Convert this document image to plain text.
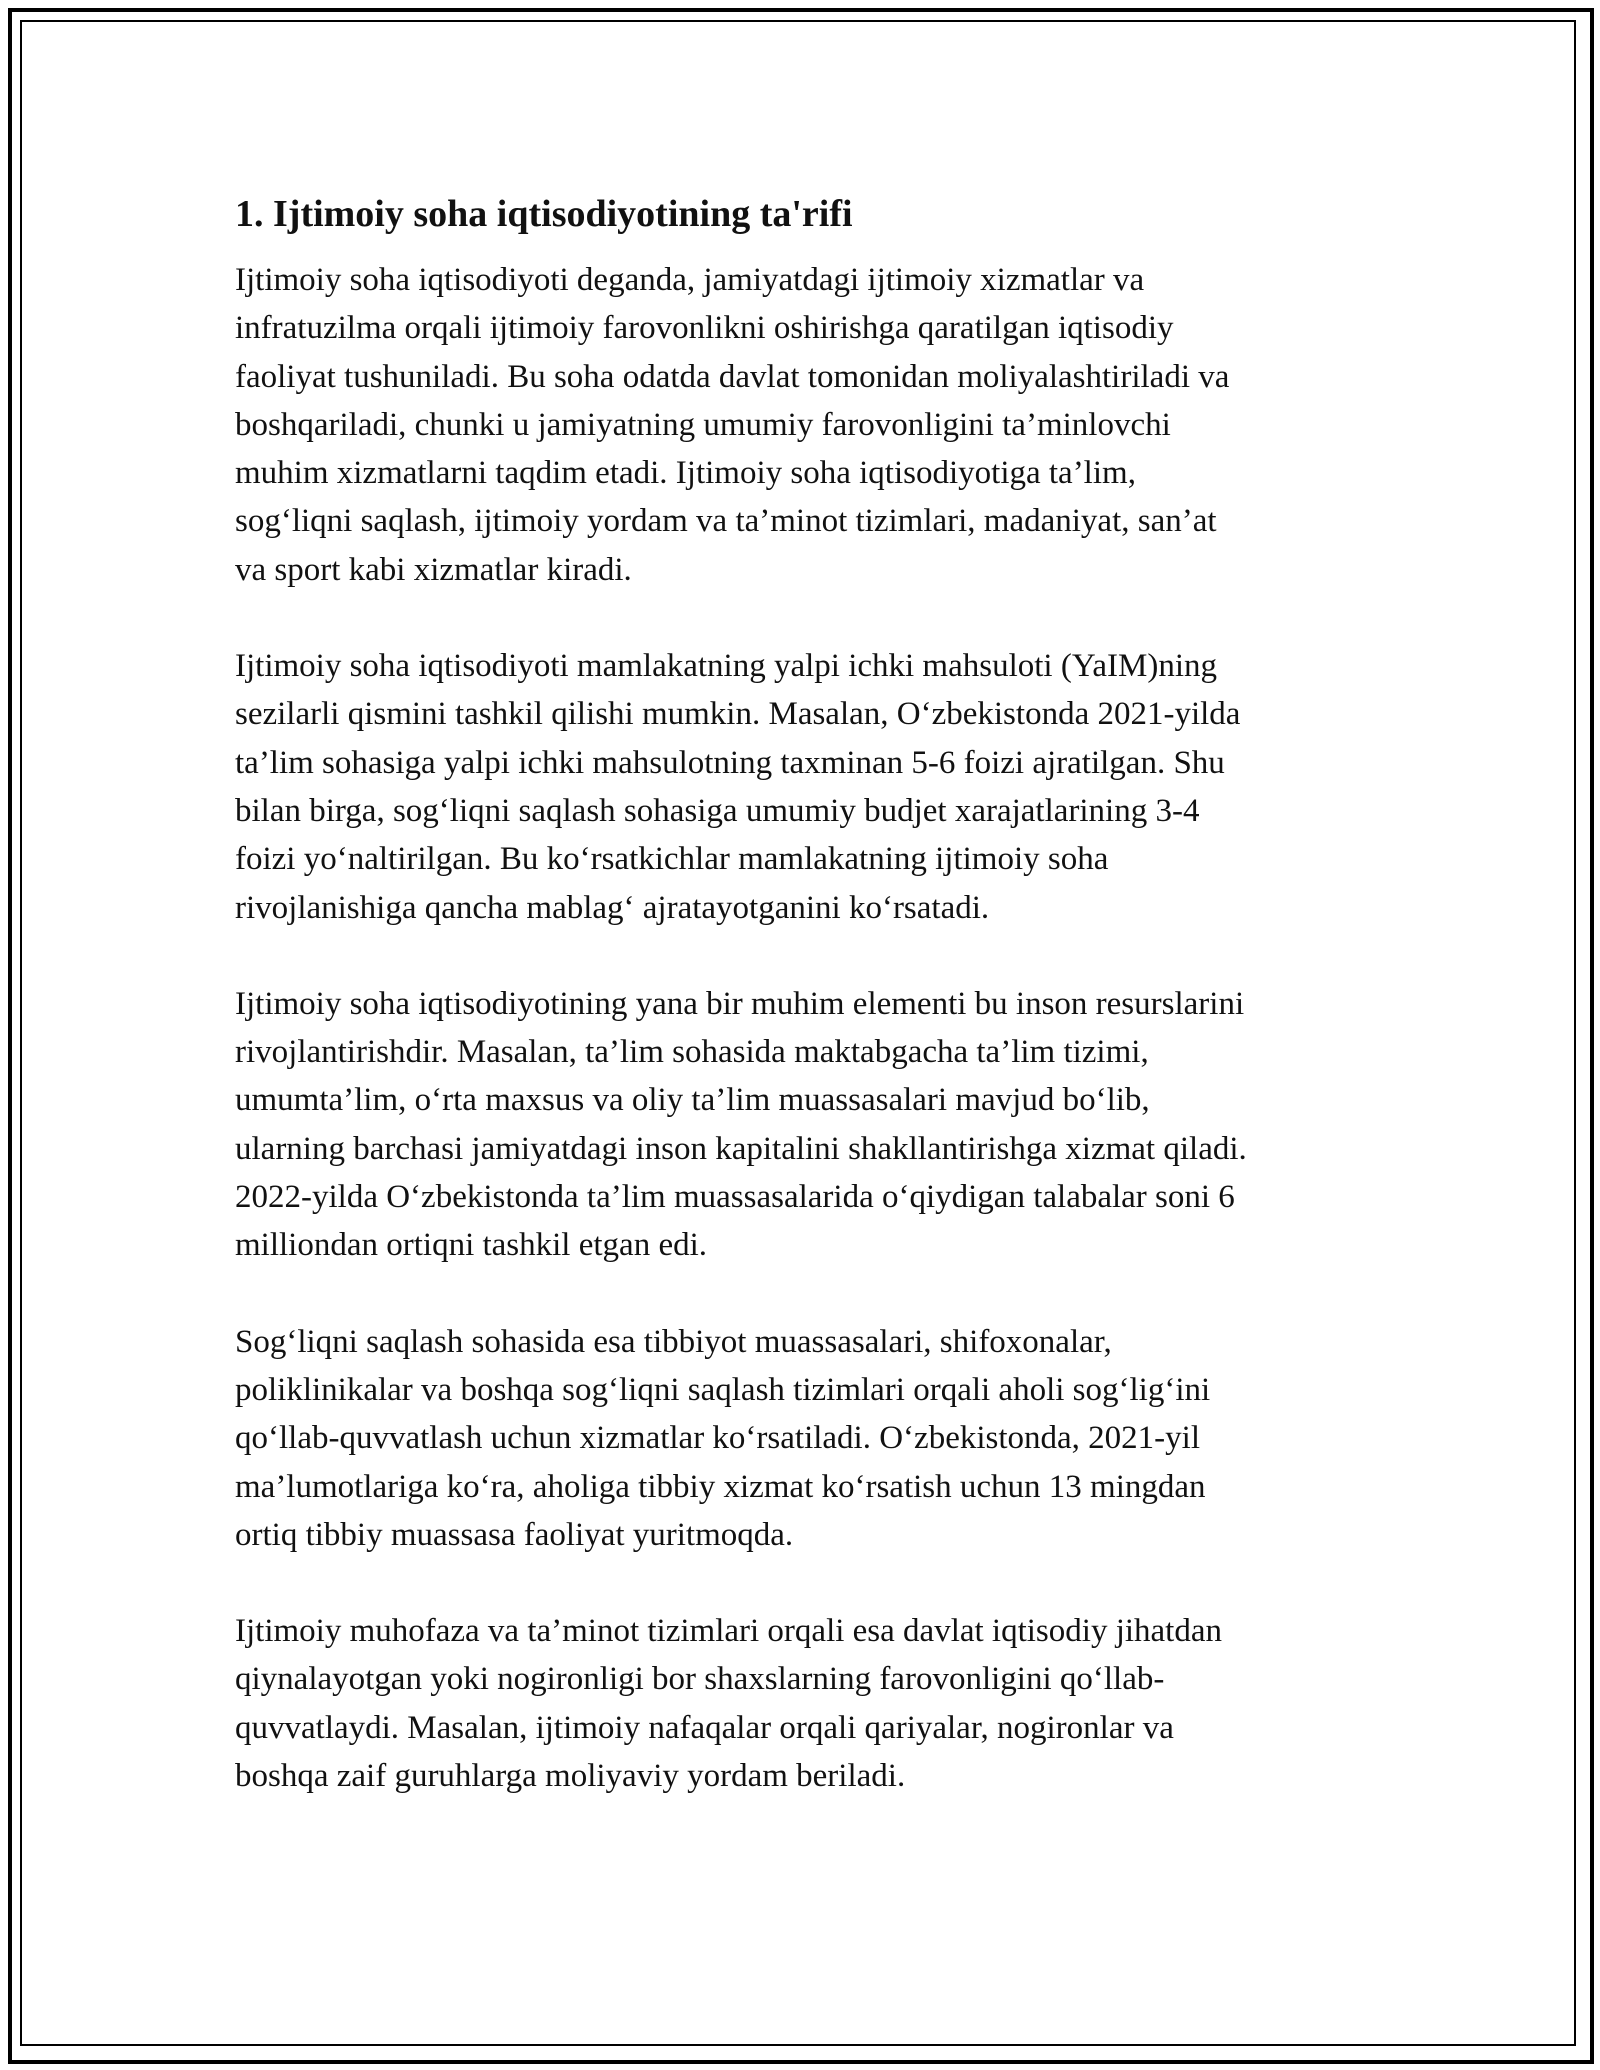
1. Ijtimoiy soha iqtisodiyotining ta'rifi

Ijtimoiy soha iqtisodiyoti deganda, jamiyatdagi ijtimoiy xizmatlar va
infratuzilma orqali ijtimoiy farovonlikni oshirishga qaratilgan iqtisodiy
faoliyat tushuniladi. Bu soha odatda davlat tomonidan moliyalashtiriladi va
boshqariladi, chunki u jamiyatning umumiy farovonligini ta’minlovchi
muhim xizmatlarni taqdim etadi. Ijtimoiy soha iqtisodiyotiga ta’lim,
sog‘liqni saqlash, ijtimoiy yordam va ta’minot tizimlari, madaniyat, san’at
va sport kabi xizmatlar kiradi.

Ijtimoiy soha iqtisodiyoti mamlakatning yalpi ichki mahsuloti (YaIM)ning
sezilarli qismini tashkil qilishi mumkin. Masalan, O‘zbekistonda 2021-yilda
ta’lim sohasiga yalpi ichki mahsulotning taxminan 5-6 foizi ajratilgan. Shu
bilan birga, sog‘liqni saqlash sohasiga umumiy budjet xarajatlarining 3-4
foizi yo‘naltirilgan. Bu ko‘rsatkichlar mamlakatning ijtimoiy soha
rivojlanishiga qancha mablag‘ ajratayotganini ko‘rsatadi.

Ijtimoiy soha iqtisodiyotining yana bir muhim elementi bu inson resurslarini
rivojlantirishdir. Masalan, ta’lim sohasida maktabgacha ta’lim tizimi,
umumta’lim, o‘rta maxsus va oliy ta’lim muassasalari mavjud bo‘lib,
ularning barchasi jamiyatdagi inson kapitalini shakllantirishga xizmat qiladi.
2022-yilda O‘zbekistonda ta’lim muassasalarida o‘qiydigan talabalar soni 6
milliondan ortiqni tashkil etgan edi.

Sog‘liqni saqlash sohasida esa tibbiyot muassasalari, shifoxonalar,
poliklinikalar va boshqa sog‘liqni saqlash tizimlari orqali aholi sog‘lig‘ini
qo‘llab-quvvatlash uchun xizmatlar ko‘rsatiladi. O‘zbekistonda, 2021-yil
ma’lumotlariga ko‘ra, aholiga tibbiy xizmat ko‘rsatish uchun 13 mingdan
ortiq tibbiy muassasa faoliyat yuritmoqda.

Ijtimoiy muhofaza va ta’minot tizimlari orqali esa davlat iqtisodiy jihatdan
qiynalayotgan yoki nogironligi bor shaxslarning farovonligini qo‘llab-
quvvatlaydi. Masalan, ijtimoiy nafaqalar orqali qariyalar, nogironlar va
boshqa zaif guruhlarga moliyaviy yordam beriladi.
